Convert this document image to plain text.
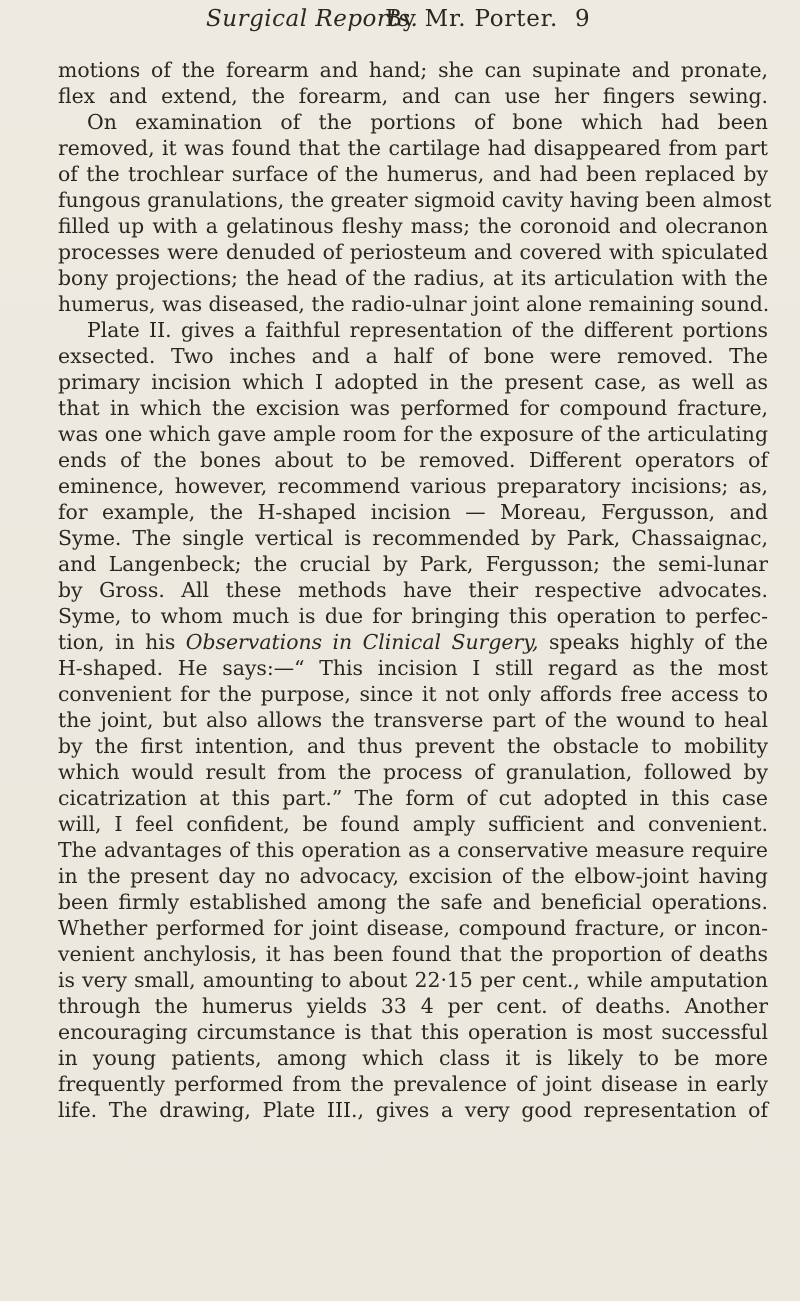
Surgical Reports.
By Mr. Porter. 9
motions of the forearm and hand; she can supinate and pronate,
flex and extend, the forearm, and can use her fingers sewing.
On examination of the portions of bone which had been
removed, it was found that the cartilage had disappeared from part
of the trochlear surface of the humerus, and had been replaced by
fungous granulations, the greater sigmoid cavity having been almost
filled up with a gelatinous fleshy mass; the coronoid and olecranon
processes were denuded of periosteum and covered with spiculated
bony projections; the head of the radius, at its articulation with the
humerus, was diseased, the radio-ulnar joint alone remaining sound.
Plate II. gives a faithful representation of the different portions
exsected. Two inches and a half of bone were removed. The
primary incision which I adopted in the present case, as well as
that in which the excision was performed for compound fracture,
was one which gave ample room for the exposure of the articulating
ends of the bones about to be removed. Different operators of
eminence, however, recommend various preparatory incisions; as,
for example, the H-shaped incision — Moreau, Fergusson, and
Syme. The single vertical is recommended by Park, Chassaignac,
and Langenbeck; the crucial by Park, Fergusson; the semi-lunar
by Gross. All these methods have their respective advocates.
Syme, to whom much is due for bringing this operation to perfec-
tion, in his Observations in Clinical Surgery, speaks highly of the
H-shaped. He says:—“ This incision I still regard as the most
convenient for the purpose, since it not only affords free access to
the joint, but also allows the transverse part of the wound to heal
by the first intention, and thus prevent the obstacle to mobility
which would result from the process of granulation, followed by
cicatrization at this part.” The form of cut adopted in this case
will, I feel confident, be found amply sufficient and convenient.
The advantages of this operation as a conservative measure require
in the present day no advocacy, excision of the elbow-joint having
been firmly established among the safe and beneficial operations.
Whether performed for joint disease, compound fracture, or incon-
venient anchylosis, it has been found that the proportion of deaths
is very small, amounting to about 22·15 per cent., while amputation
through the humerus yields 33 4 per cent. of deaths. Another
encouraging circumstance is that this operation is most successful
in young patients, among which class it is likely to be more
frequently performed from the prevalence of joint disease in early
life. The drawing, Plate III., gives a very good representation of
